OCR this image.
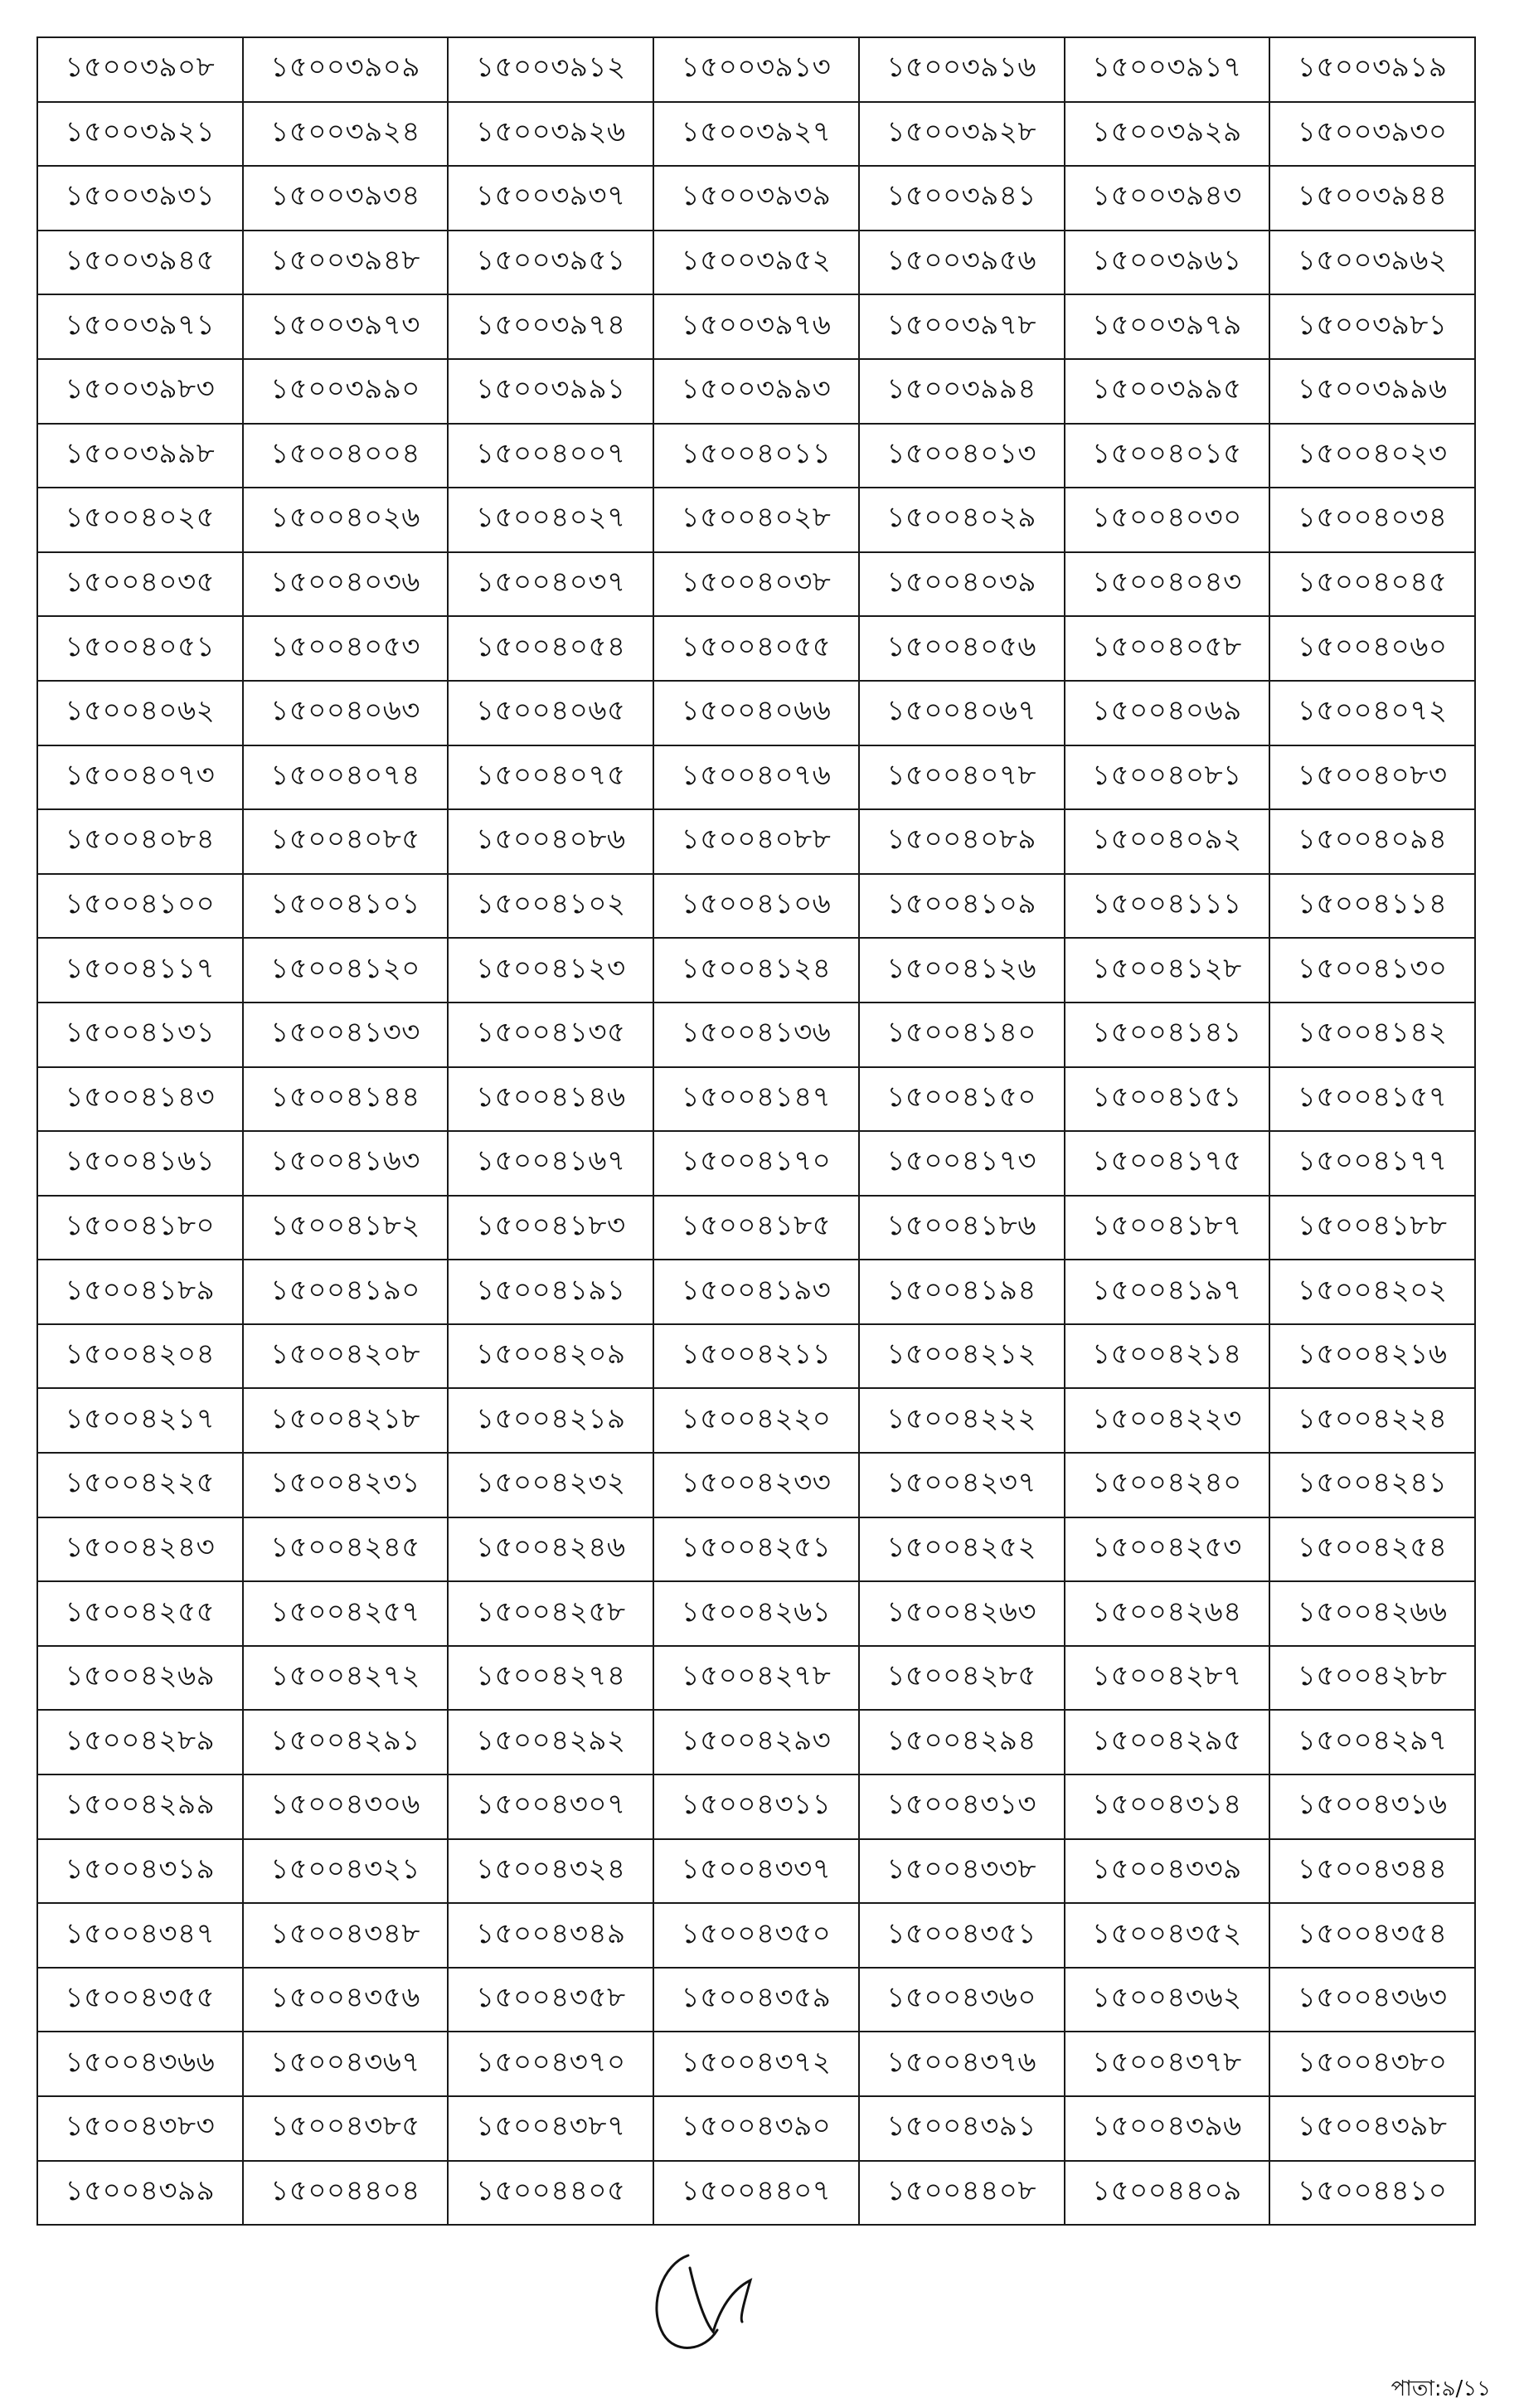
১৫০০৩৯০৮	১৫০০৩৯০৯	১৫০০৩৯১২	১৫০০৩৯১৩	১৫০০৩৯১৬	১৫০০৩৯১৭	১৫০০৩৯১৯
১৫০০৩৯২১	১৫০০৩৯২৪	১৫০০৩৯২৬	১৫০০৩৯২৭	১৫০০৩৯২৮	১৫০০৩৯২৯	১৫০০৩৯৩০
১৫০০৩৯৩১	১৫০০৩৯৩৪	১৫০০৩৯৩৭	১৫০০৩৯৩৯	১৫০০৩৯৪১	১৫০০৩৯৪৩	১৫০০৩৯৪৪
১৫০০৩৯৪৫	১৫০০৩৯৪৮	১৫০০৩৯৫১	১৫০০৩৯৫২	১৫০০৩৯৫৬	১৫০০৩৯৬১	১৫০০৩৯৬২
১৫০০৩৯৭১	১৫০০৩৯৭৩	১৫০০৩৯৭৪	১৫০০৩৯৭৬	১৫০০৩৯৭৮	১৫০০৩৯৭৯	১৫০০৩৯৮১
১৫০০৩৯৮৩	১৫০০৩৯৯০	১৫০০৩৯৯১	১৫০০৩৯৯৩	১৫০০৩৯৯৪	১৫০০৩৯৯৫	১৫০০৩৯৯৬
১৫০০৩৯৯৮	১৫০০৪০০৪	১৫০০৪০০৭	১৫০০৪০১১	১৫০০৪০১৩	১৫০০৪০১৫	১৫০০৪০২৩
১৫০০৪০২৫	১৫০০৪০২৬	১৫০০৪০২৭	১৫০০৪০২৮	১৫০০৪০২৯	১৫০০৪০৩০	১৫০০৪০৩৪
১৫০০৪০৩৫	১৫০০৪০৩৬	১৫০০৪০৩৭	১৫০০৪০৩৮	১৫০০৪০৩৯	১৫০০৪০৪৩	১৫০০৪০৪৫
১৫০০৪০৫১	১৫০০৪০৫৩	১৫০০৪০৫৪	১৫০০৪০৫৫	১৫০০৪০৫৬	১৫০০৪০৫৮	১৫০০৪০৬০
১৫০০৪০৬২	১৫০০৪০৬৩	১৫০০৪০৬৫	১৫০০৪০৬৬	১৫০০৪০৬৭	১৫০০৪০৬৯	১৫০০৪০৭২
১৫০০৪০৭৩	১৫০০৪০৭৪	১৫০০৪০৭৫	১৫০০৪০৭৬	১৫০০৪০৭৮	১৫০০৪০৮১	১৫০০৪০৮৩
১৫০০৪০৮৪	১৫০০৪০৮৫	১৫০০৪০৮৬	১৫০০৪০৮৮	১৫০০৪০৮৯	১৫০০৪০৯২	১৫০০৪০৯৪
১৫০০৪১০০	১৫০০৪১০১	১৫০০৪১০২	১৫০০৪১০৬	১৫০০৪১০৯	১৫০০৪১১১	১৫০০৪১১৪
১৫০০৪১১৭	১৫০০৪১২০	১৫০০৪১২৩	১৫০০৪১২৪	১৫০০৪১২৬	১৫০০৪১২৮	১৫০০৪১৩০
১৫০০৪১৩১	১৫০০৪১৩৩	১৫০০৪১৩৫	১৫০০৪১৩৬	১৫০০৪১৪০	১৫০০৪১৪১	১৫০০৪১৪২
১৫০০৪১৪৩	১৫০০৪১৪৪	১৫০০৪১৪৬	১৫০০৪১৪৭	১৫০০৪১৫০	১৫০০৪১৫১	১৫০০৪১৫৭
১৫০০৪১৬১	১৫০০৪১৬৩	১৫০০৪১৬৭	১৫০০৪১৭০	১৫০০৪১৭৩	১৫০০৪১৭৫	১৫০০৪১৭৭
১৫০০৪১৮০	১৫০০৪১৮২	১৫০০৪১৮৩	১৫০০৪১৮৫	১৫০০৪১৮৬	১৫০০৪১৮৭	১৫০০৪১৮৮
১৫০০৪১৮৯	১৫০০৪১৯০	১৫০০৪১৯১	১৫০০৪১৯৩	১৫০০৪১৯৪	১৫০০৪১৯৭	১৫০০৪২০২
১৫০০৪২০৪	১৫০০৪২০৮	১৫০০৪২০৯	১৫০০৪২১১	১৫০০৪২১২	১৫০০৪২১৪	১৫০০৪২১৬
১৫০০৪২১৭	১৫০০৪২১৮	১৫০০৪২১৯	১৫০০৪২২০	১৫০০৪২২২	১৫০০৪২২৩	১৫০০৪২২৪
১৫০০৪২২৫	১৫০০৪২৩১	১৫০০৪২৩২	১৫০০৪২৩৩	১৫০০৪২৩৭	১৫০০৪২৪০	১৫০০৪২৪১
১৫০০৪২৪৩	১৫০০৪২৪৫	১৫০০৪২৪৬	১৫০০৪২৫১	১৫০০৪২৫২	১৫০০৪২৫৩	১৫০০৪২৫৪
১৫০০৪২৫৫	১৫০০৪২৫৭	১৫০০৪২৫৮	১৫০০৪২৬১	১৫০০৪২৬৩	১৫০০৪২৬৪	১৫০০৪২৬৬
১৫০০৪২৬৯	১৫০০৪২৭২	১৫০০৪২৭৪	১৫০০৪২৭৮	১৫০০৪২৮৫	১৫০০৪২৮৭	১৫০০৪২৮৮
১৫০০৪২৮৯	১৫০০৪২৯১	১৫০০৪২৯২	১৫০০৪২৯৩	১৫০০৪২৯৪	১৫০০৪২৯৫	১৫০০৪২৯৭
১৫০০৪২৯৯	১৫০০৪৩০৬	১৫০০৪৩০৭	১৫০০৪৩১১	১৫০০৪৩১৩	১৫০০৪৩১৪	১৫০০৪৩১৬
১৫০০৪৩১৯	১৫০০৪৩২১	১৫০০৪৩২৪	১৫০০৪৩৩৭	১৫০০৪৩৩৮	১৫০০৪৩৩৯	১৫০০৪৩৪৪
১৫০০৪৩৪৭	১৫০০৪৩৪৮	১৫০০৪৩৪৯	১৫০০৪৩৫০	১৫০০৪৩৫১	১৫০০৪৩৫২	১৫০০৪৩৫৪
১৫০০৪৩৫৫	১৫০০৪৩৫৬	১৫০০৪৩৫৮	১৫০০৪৩৫৯	১৫০০৪৩৬০	১৫০০৪৩৬২	১৫০০৪৩৬৩
১৫০০৪৩৬৬	১৫০০৪৩৬৭	১৫০০৪৩৭০	১৫০০৪৩৭২	১৫০০৪৩৭৬	১৫০০৪৩৭৮	১৫০০৪৩৮০
১৫০০৪৩৮৩	১৫০০৪৩৮৫	১৫০০৪৩৮৭	১৫০০৪৩৯০	১৫০০৪৩৯১	১৫০০৪৩৯৬	১৫০০৪৩৯৮
১৫০০৪৩৯৯	১৫০০৪৪০৪	১৫০০৪৪০৫	১৫০০৪৪০৭	১৫০০৪৪০৮	১৫০০৪৪০৯	১৫০০৪৪১০
পাতা:৯/১১
